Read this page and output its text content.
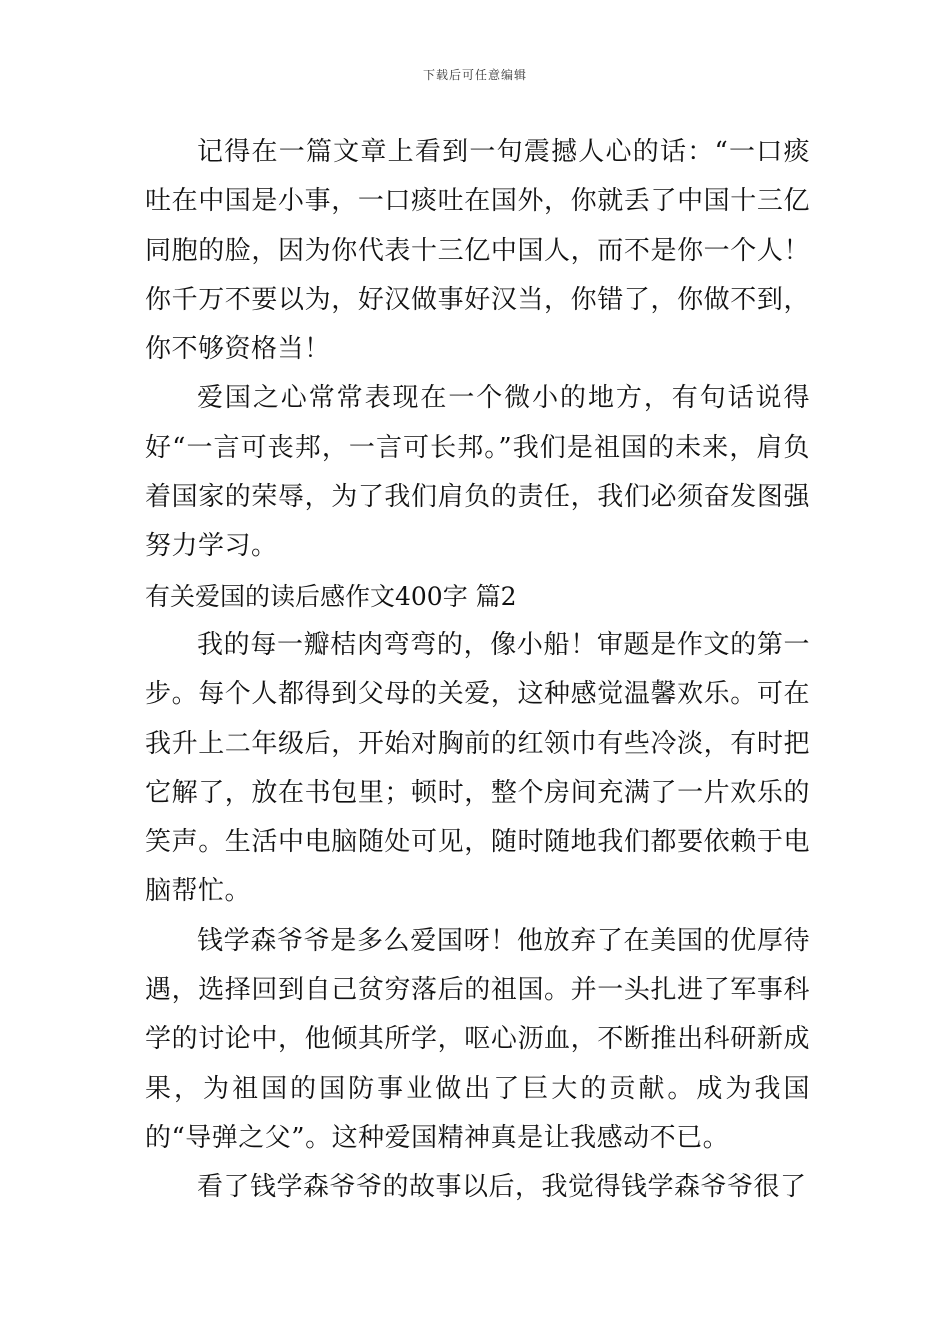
下载后可任意编辑

记得在一篇文章上看到一句震撼人心的话：“一口痰吐在中国是小事，一口痰吐在国外，你就丢了中国十三亿同胞的脸，因为你代表十三亿中国人，而不是你一个人！你千万不要以为，好汉做事好汉当，你错了，你做不到，你不够资格当！

爱国之心常常表现在一个微小的地方，有句话说得好“一言可丧邦，一言可长邦。”我们是祖国的未来，肩负着国家的荣辱，为了我们肩负的责任，我们必须奋发图强努力学习。

有关爱国的读后感作文400字 篇2

我的每一瓣桔肉弯弯的，像小船！审题是作文的第一步。每个人都得到父母的关爱，这种感觉温馨欢乐。可在我升上二年级后，开始对胸前的红领巾有些冷淡，有时把它解了，放在书包里；顿时，整个房间充满了一片欢乐的笑声。生活中电脑随处可见，随时随地我们都要依赖于电脑帮忙。

钱学森爷爷是多么爱国呀！他放弃了在美国的优厚待遇，选择回到自己贫穷落后的祖国。并一头扎进了军事科学的讨论中，他倾其所学，呕心沥血，不断推出科研新成果，为祖国的国防事业做出了巨大的贡献。成为我国的“导弹之父”。这种爱国精神真是让我感动不已。

看了钱学森爷爷的故事以后，我觉得钱学森爷爷很了
